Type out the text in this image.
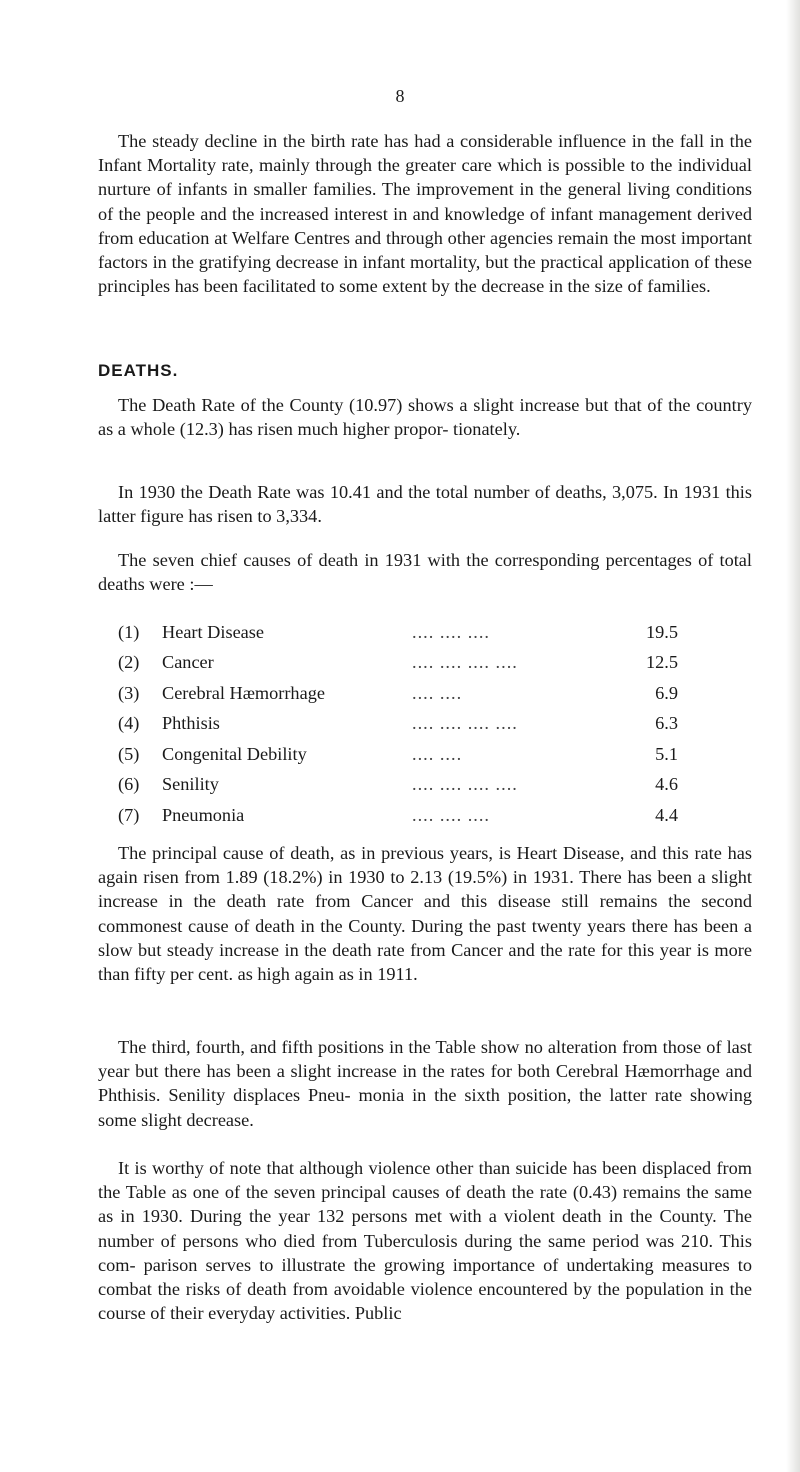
8

The steady decline in the birth rate has had a considerable influence in the fall in the Infant Mortality rate, mainly through the greater care which is possible to the individual nurture of infants in smaller families. The improvement in the general living conditions of the people and the increased interest in and knowledge of infant management derived from education at Welfare Centres and through other agencies remain the most important factors in the gratifying decrease in infant mortality, but the practical application of these principles has been facilitated to some extent by the decrease in the size of families.

DEATHS.

The Death Rate of the County (10.97) shows a slight increase but that of the country as a whole (12.3) has risen much higher propor- tionately.

In 1930 the Death Rate was 10.41 and the total number of deaths, 3,075. In 1931 this latter figure has risen to 3,334.

The seven chief causes of death in 1931 with the corresponding percentages of total deaths were :—

(1)	Heart Disease	.... .... ....	19.5
(2)	Cancer	.... .... .... ....	12.5
(3)	Cerebral Hæmorrhage	.... ....	6.9
(4)	Phthisis	.... .... .... ....	6.3
(5)	Congenital Debility	.... ....	5.1
(6)	Senility	.... .... .... ....	4.6
(7)	Pneumonia	.... .... ....	4.4

The principal cause of death, as in previous years, is Heart Disease, and this rate has again risen from 1.89 (18.2%) in 1930 to 2.13 (19.5%) in 1931. There has been a slight increase in the death rate from Cancer and this disease still remains the second commonest cause of death in the County. During the past twenty years there has been a slow but steady increase in the death rate from Cancer and the rate for this year is more than fifty per cent. as high again as in 1911.

The third, fourth, and fifth positions in the Table show no alteration from those of last year but there has been a slight increase in the rates for both Cerebral Hæmorrhage and Phthisis. Senility displaces Pneu- monia in the sixth position, the latter rate showing some slight decrease.

It is worthy of note that although violence other than suicide has been displaced from the Table as one of the seven principal causes of death the rate (0.43) remains the same as in 1930. During the year 132 persons met with a violent death in the County. The number of persons who died from Tuberculosis during the same period was 210. This com- parison serves to illustrate the growing importance of undertaking measures to combat the risks of death from avoidable violence encountered by the population in the course of their everyday activities. Public
